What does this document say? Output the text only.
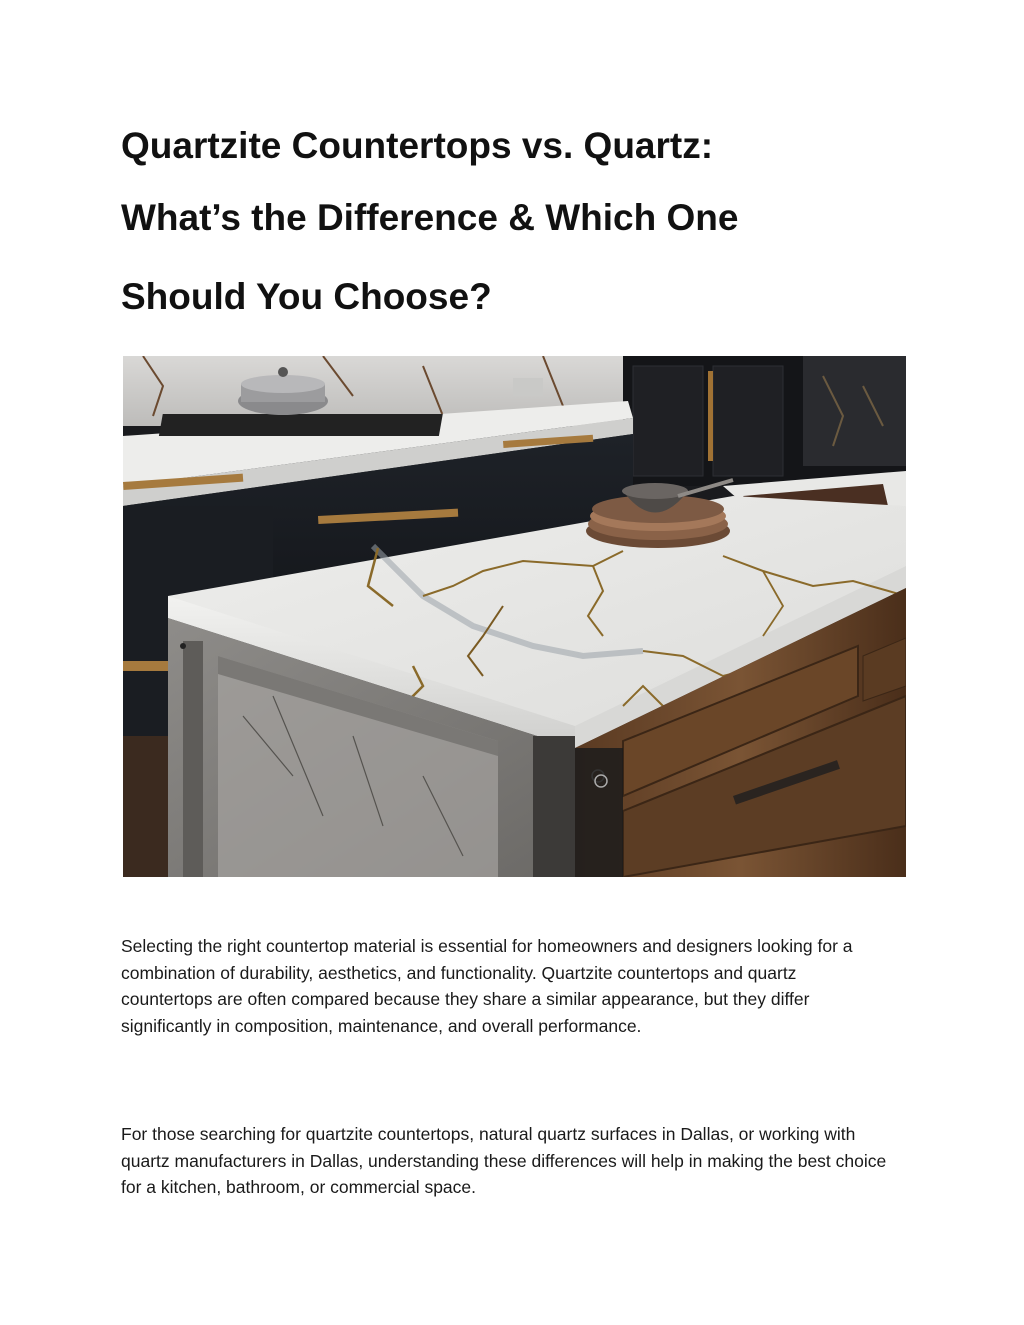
Quartzite Countertops vs. Quartz:
What’s the Difference & Which One
Should You Choose?

Selecting the right countertop material is essential for homeowners and designers looking for a combination of durability, aesthetics, and functionality. Quartzite countertops and quartz countertops are often compared because they share a similar appearance, but they differ significantly in composition, maintenance, and overall performance.

For those searching for quartzite countertops, natural quartz surfaces in Dallas, or working with quartz manufacturers in Dallas, understanding these differences will help in making the best choice for a kitchen, bathroom, or commercial space.
